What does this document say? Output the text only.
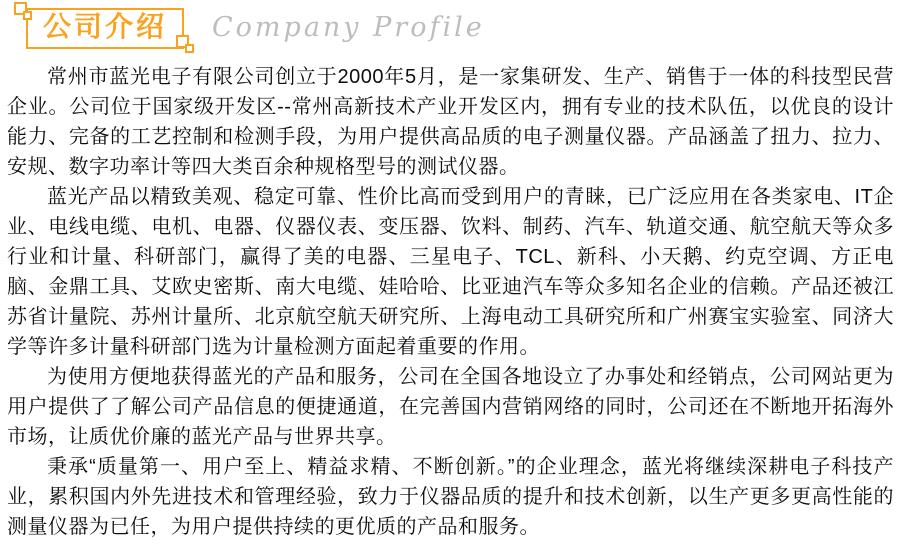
公司介绍	Company Profile

常州市蓝光电子有限公司创立于2000年5月，是一家集研发、生产、销售于一体的科技型民营企业。公司位于国家级开发区--常州高新技术产业开发区内，拥有专业的技术队伍，以优良的设计能力、完备的工艺控制和检测手段，为用户提供高品质的电子测量仪器。产品涵盖了扭力、拉力、安规、数字功率计等四大类百余种规格型号的测试仪器。

蓝光产品以精致美观、稳定可靠、性价比高而受到用户的青睐，已广泛应用在各类家电、IT企业、电线电缆、电机、电器、仪器仪表、变压器、饮料、制药、汽车、轨道交通、航空航天等众多行业和计量、科研部门，赢得了美的电器、三星电子、TCL、新科、小天鹅、约克空调、方正电脑、金鼎工具、艾欧史密斯、南大电缆、娃哈哈、比亚迪汽车等众多知名企业的信赖。产品还被江苏省计量院、苏州计量所、北京航空航天研究所、上海电动工具研究所和广州赛宝实验室、同济大学等许多计量科研部门选为计量检测方面起着重要的作用。

为使用方便地获得蓝光的产品和服务，公司在全国各地设立了办事处和经销点，公司网站更为用户提供了了解公司产品信息的便捷通道，在完善国内营销网络的同时，公司还在不断地开拓海外市场，让质优价廉的蓝光产品与世界共享。

秉承“质量第一、用户至上、精益求精、不断创新。”的企业理念，蓝光将继续深耕电子科技产业，累积国内外先进技术和管理经验，致力于仪器品质的提升和技术创新，以生产更多更高性能的测量仪器为已任，为用户提供持续的更优质的产品和服务。
